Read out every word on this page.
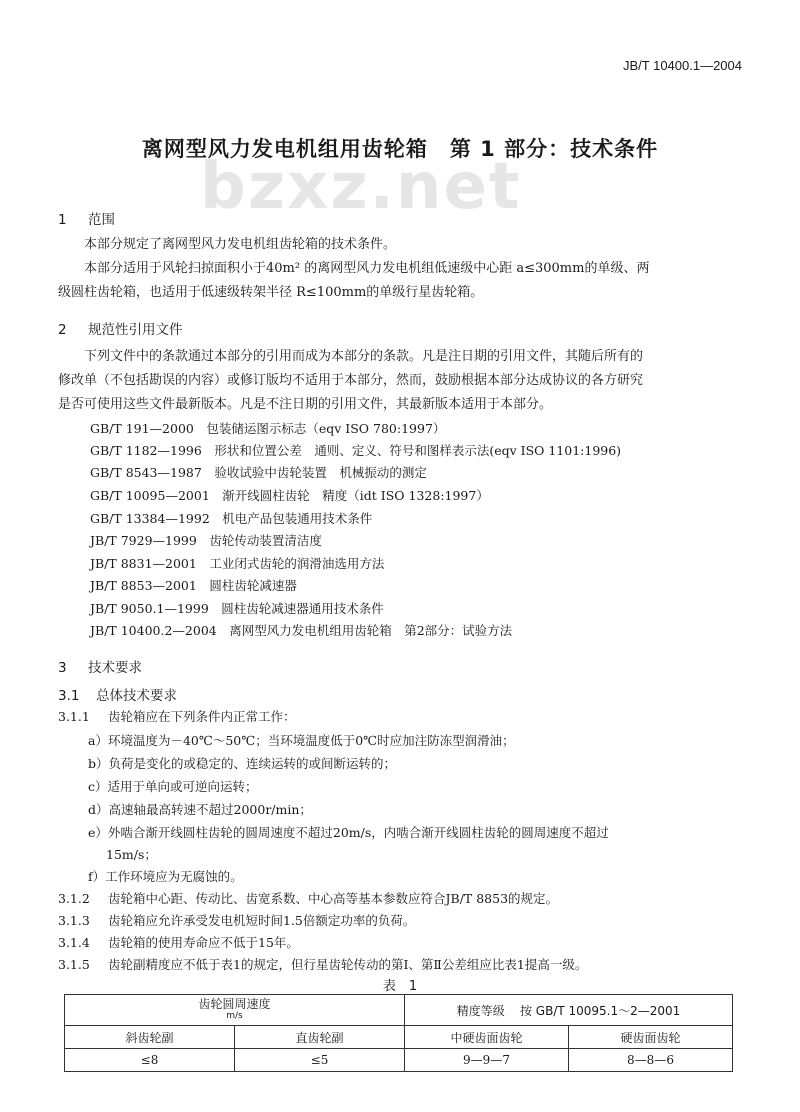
JB/T 10400.1—2004
bzxz.net
离网型风力发电机组用齿轮箱　第 1 部分：技术条件
1 范围
本部分规定了离网型风力发电机组齿轮箱的技术条件。
本部分适用于风轮扫掠面积小于40m² 的离网型风力发电机组低速级中心距 a≤300mm的单级、两
级圆柱齿轮箱，也适用于低速级转架半径 R≤100mm的单级行星齿轮箱。
2 规范性引用文件
下列文件中的条款通过本部分的引用而成为本部分的条款。凡是注日期的引用文件，其随后所有的
修改单（不包括勘误的内容）或修订版均不适用于本部分，然而，鼓励根据本部分达成协议的各方研究
是否可使用这些文件最新版本。凡是不注日期的引用文件，其最新版本适用于本部分。
GB/T 191—2000　包装储运图示标志（eqv ISO 780:1997）
GB/T 1182—1996　形状和位置公差　通则、定义、符号和图样表示法(eqv ISO 1101:1996)
GB/T 8543—1987　验收试验中齿轮装置　机械振动的测定
GB/T 10095—2001　渐开线圆柱齿轮　精度（idt ISO 1328:1997）
GB/T 13384—1992　机电产品包装通用技术条件
JB/T 7929—1999　齿轮传动装置清洁度
JB/T 8831—2001　工业闭式齿轮的润滑油选用方法
JB/T 8853—2001　圆柱齿轮减速器
JB/T 9050.1—1999　圆柱齿轮减速器通用技术条件
JB/T 10400.2—2004　离网型风力发电机组用齿轮箱　第2部分：试验方法
3 技术要求
3.1 总体技术要求
3.1.1 齿轮箱应在下列条件内正常工作：
a）环境温度为－40℃～50℃；当环境温度低于0℃时应加注防冻型润滑油；
b）负荷是变化的或稳定的、连续运转的或间断运转的；
c）适用于单向或可逆向运转；
d）高速轴最高转速不超过2000r/min；
e）外啮合渐开线圆柱齿轮的圆周速度不超过20m/s，内啮合渐开线圆柱齿轮的圆周速度不超过
15m/s；
f）工作环境应为无腐蚀的。
3.1.2 齿轮箱中心距、传动比、齿宽系数、中心高等基本参数应符合JB/T 8853的规定。
3.1.3 齿轮箱应允许承受发电机短时间1.5倍额定功率的负荷。
3.1.4 齿轮箱的使用寿命应不低于15年。
3.1.5 齿轮副精度应不低于表1的规定，但行星齿轮传动的第Ⅰ、第Ⅱ公差组应比表1提高一级。
表　1
齿轮圆周速度
m/s		精度等级 按 GB/T 10095.1～2—2001	
斜齿轮副	直齿轮副	中硬齿面齿轮	硬齿面齿轮
≤8	≤5	9—9—7	8—8—6
